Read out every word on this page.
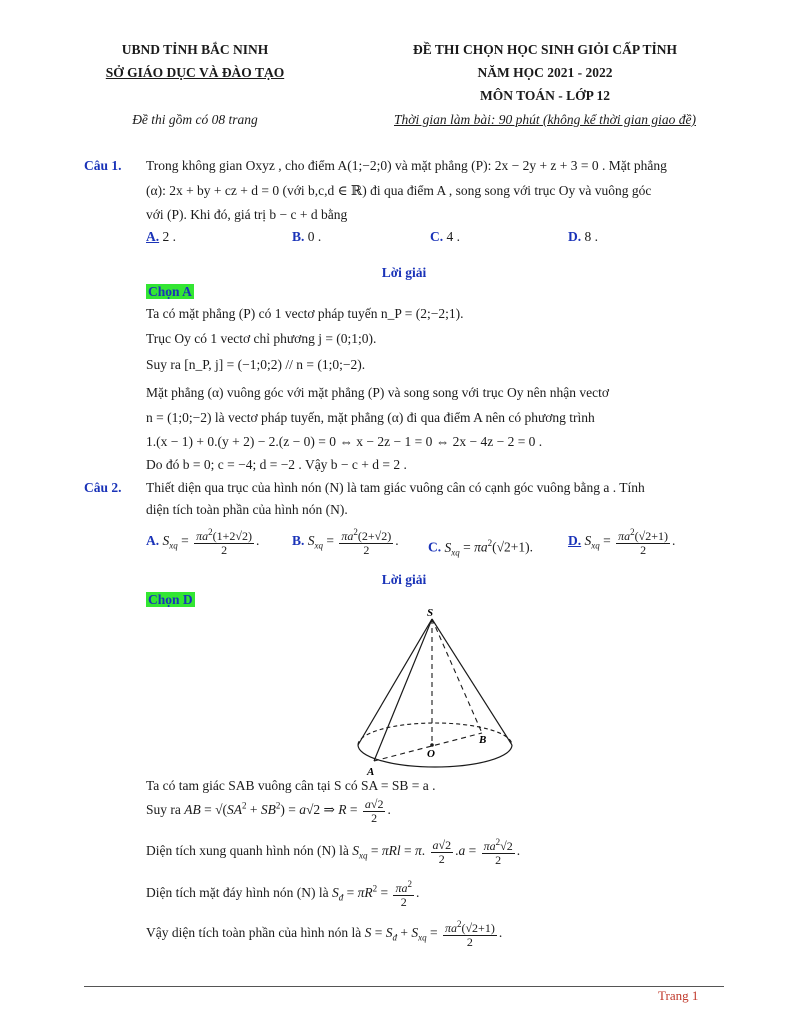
UBND TỈNH BẮC NINH
SỞ GIÁO DỤC VÀ ĐÀO TẠO
Đề thi gồm có 08 trang
ĐỀ THI CHỌN HỌC SINH GIỎI CẤP TỈNH
NĂM HỌC 2021 - 2022
MÔN TOÁN - LỚP 12
Thời gian làm bài: 90 phút (không kể thời gian giao đề)
Câu 1. Trong không gian Oxyz , cho điểm A(1;−2;0) và mặt phẳng (P): 2x − 2y + z + 3 = 0 . Mặt phẳng
(α): 2x + by + cz + d = 0 (với b,c,d ∈ ℝ) đi qua điểm A , song song với trục Oy và vuông góc
với (P). Khi đó, giá trị b − c + d bằng
A. 2 .	B. 0 .	C. 4 .	D. 8 .
Lời giải
Chọn A
Ta có mặt phẳng (P) có 1 vectơ pháp tuyến n_P = (2;−2;1).
Trục Oy có 1 vectơ chỉ phương j = (0;1;0).
Suy ra [n_P, j] = (−1;0;2) // n = (1;0;−2).
Mặt phẳng (α) vuông góc với mặt phẳng (P) và song song với trục Oy nên nhận vectơ
n = (1;0;−2) là vectơ pháp tuyến, mặt phẳng (α) đi qua điểm A nên có phương trình
1.(x − 1) + 0.(y + 2) − 2.(z − 0) = 0 ⇔ x − 2z − 1 = 0 ⇔ 2x − 4z − 2 = 0 .
Do đó b = 0; c = −4; d = −2 . Vậy b − c + d = 2 .
Câu 2. Thiết diện qua trục của hình nón (N) là tam giác vuông cân có cạnh góc vuông bằng a . Tính
diện tích toàn phần của hình nón (N).
A. $S_{xq} = \frac{\pi a^2(1+2√2)}{2}$ . B. $S_{xq} = \frac{\pi a^2(2+√2)}{2}$ . C. $S_{xq} = \pi a^2(√2+1)$.	D. $S_{xq} = \frac{\pi a^2(√2+1)}{2}$ .
Lời giải
Chọn D
S
O
A
B
Ta có tam giác SAB vuông cân tại S có SA = SB = a .
Suy ra AB = $√(SA^2 + SB^2) = a√2$ ⇒ $R = \frac{a√2}{2}$ .
Diện tích xung quanh hình nón (N) là $S_{xq} = \pi Rl = \pi$. $\frac{a√2}{2} .a = \frac{\pi a^2√2}{2}$ .
Diện tích mặt đáy hình nón (N) là $S_đ = \pi R^2 = \frac{\pi a^2}{2}$ .
Vậy diện tích toàn phần của hình nón là $S = S_đ + S_{xq} = \frac{\pi a^2(√2+1)}{2}$ .
Trang 1
